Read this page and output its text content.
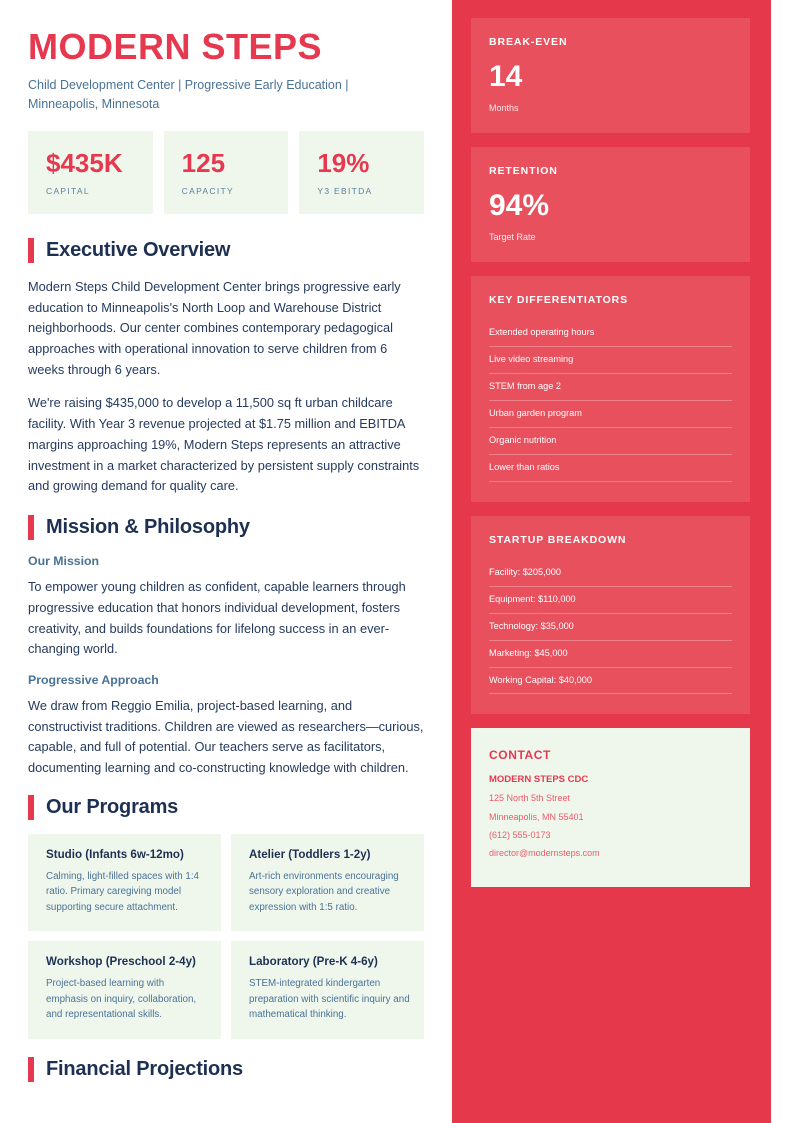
MODERN STEPS
Child Development Center | Progressive Early Education | Minneapolis, Minnesota
$435K
CAPITAL
125
CAPACITY
19%
Y3 EBITDA
Executive Overview

Modern Steps Child Development Center brings progressive early education to Minneapolis's North Loop and Warehouse District neighborhoods. Our center combines contemporary pedagogical approaches with operational innovation to serve children from 6 weeks through 6 years.

We're raising $435,000 to develop a 11,500 sq ft urban childcare facility. With Year 3 revenue projected at $1.75 million and EBITDA margins approaching 19%, Modern Steps represents an attractive investment in a market characterized by persistent supply constraints and growing demand for quality care.

Mission & Philosophy
Our Mission

To empower young children as confident, capable learners through progressive education that honors individual development, fosters creativity, and builds foundations for lifelong success in an ever-changing world.

Progressive Approach

We draw from Reggio Emilia, project-based learning, and constructivist traditions. Children are viewed as researchers—curious, capable, and full of potential. Our teachers serve as facilitators, documenting learning and co-constructing knowledge with children.

Our Programs
Studio (Infants 6w-12mo)
Calming, light-filled spaces with 1:4 ratio. Primary caregiving model supporting secure attachment.
Atelier (Toddlers 1-2y)
Art-rich environments encouraging sensory exploration and creative expression with 1:5 ratio.
Workshop (Preschool 2-4y)
Project-based learning with emphasis on inquiry, collaboration, and representational skills.
Laboratory (Pre-K 4-6y)
STEM-integrated kindergarten preparation with scientific inquiry and mathematical thinking.
Financial Projections
BREAK-EVEN
14
Months
RETENTION
94%
Target Rate
KEY DIFFERENTIATORS
Extended operating hours
Live video streaming
STEM from age 2
Urban garden program
Organic nutrition
Lower than ratios
STARTUP BREAKDOWN
Facility: $205,000
Equipment: $110,000
Technology: $35,000
Marketing: $45,000
Working Capital: $40,000
CONTACT
MODERN STEPS CDC
125 North 5th Street
Minneapolis, MN 55401
(612) 555-0173
director@modernsteps.com
